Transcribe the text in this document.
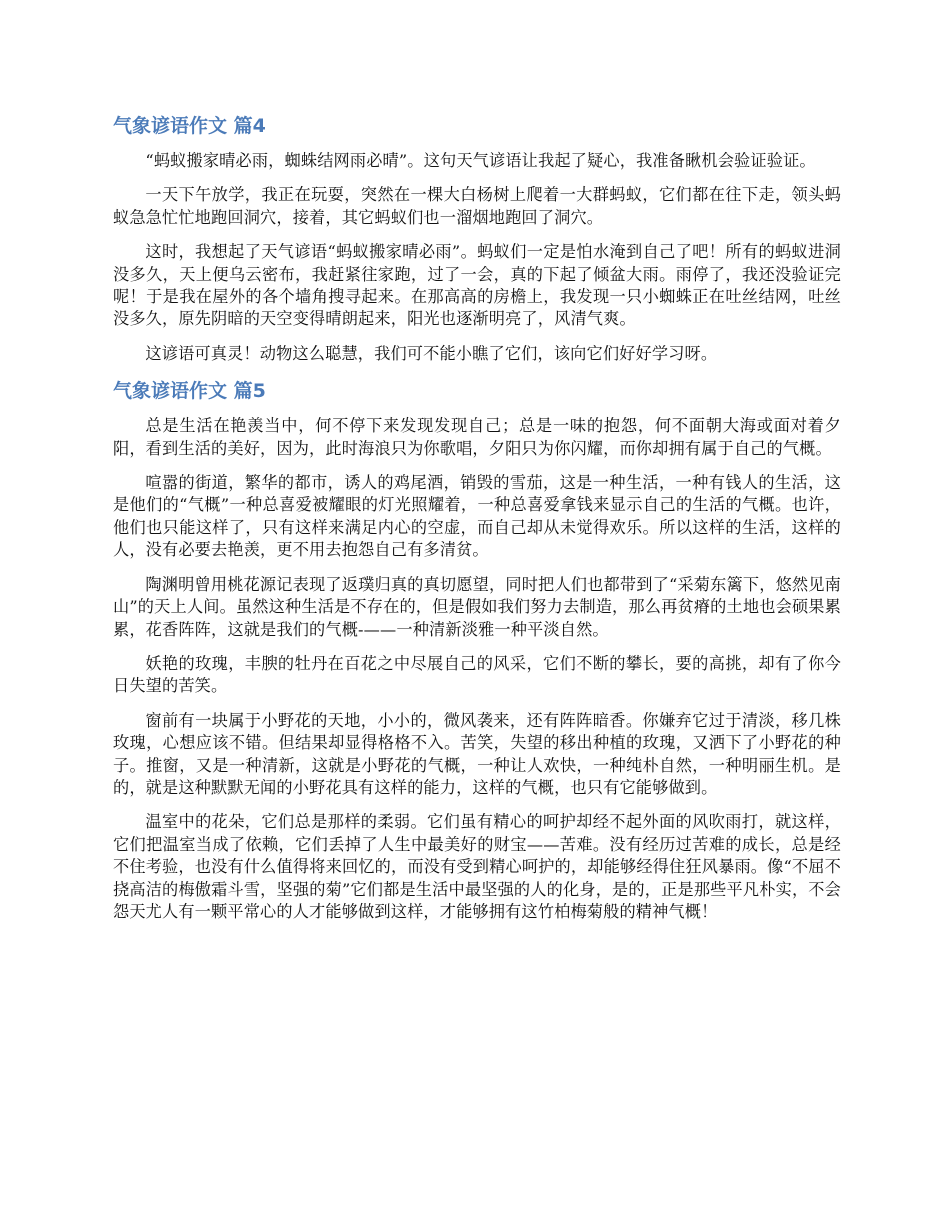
气象谚语作文 篇4

“蚂蚁搬家晴必雨，蜘蛛结网雨必晴”。这句天气谚语让我起了疑心，我准备瞅机会验证验证。

一天下午放学，我正在玩耍，突然在一棵大白杨树上爬着一大群蚂蚁，它们都在往下走，领头蚂蚁急急忙忙地跑回洞穴，接着，其它蚂蚁们也一溜烟地跑回了洞穴。

这时，我想起了天气谚语“蚂蚁搬家晴必雨”。蚂蚁们一定是怕水淹到自己了吧！所有的蚂蚁进洞没多久，天上便乌云密布，我赶紧往家跑，过了一会，真的下起了倾盆大雨。雨停了，我还没验证完呢！于是我在屋外的各个墙角搜寻起来。在那高高的房檐上，我发现一只小蜘蛛正在吐丝结网，吐丝没多久，原先阴暗的天空变得晴朗起来，阳光也逐渐明亮了，风清气爽。

这谚语可真灵！动物这么聪慧，我们可不能小瞧了它们，该向它们好好学习呀。

气象谚语作文 篇5

总是生活在艳羡当中，何不停下来发现发现自己；总是一味的抱怨，何不面朝大海或面对着夕阳，看到生活的美好，因为，此时海浪只为你歌唱，夕阳只为你闪耀，而你却拥有属于自己的气概。

喧嚣的街道，繁华的都市，诱人的鸡尾酒，销毁的雪茄，这是一种生活，一种有钱人的生活，这是他们的“气概”一种总喜爱被耀眼的灯光照耀着，一种总喜爱拿钱来显示自己的生活的气概。也许，他们也只能这样了，只有这样来满足内心的空虚，而自己却从未觉得欢乐。所以这样的生活，这样的人，没有必要去艳羡，更不用去抱怨自己有多清贫。

陶渊明曾用桃花源记表现了返璞归真的真切愿望，同时把人们也都带到了“采菊东篱下，悠然见南山”的天上人间。虽然这种生活是不存在的，但是假如我们努力去制造，那么再贫瘠的土地也会硕果累累，花香阵阵，这就是我们的气概-——一种清新淡雅一种平淡自然。

妖艳的玫瑰，丰腴的牡丹在百花之中尽展自己的风采，它们不断的攀长，要的高挑，却有了你今日失望的苦笑。

窗前有一块属于小野花的天地，小小的，微风袭来，还有阵阵暗香。你嫌弃它过于清淡，移几株玫瑰，心想应该不错。但结果却显得格格不入。苦笑，失望的移出种植的玫瑰，又洒下了小野花的种子。推窗，又是一种清新，这就是小野花的气概，一种让人欢快，一种纯朴自然，一种明丽生机。是的，就是这种默默无闻的小野花具有这样的能力，这样的气概，也只有它能够做到。

温室中的花朵，它们总是那样的柔弱。它们虽有精心的呵护却经不起外面的风吹雨打，就这样，它们把温室当成了依赖，它们丢掉了人生中最美好的财宝——苦难。没有经历过苦难的成长，总是经不住考验，也没有什么值得将来回忆的，而没有受到精心呵护的，却能够经得住狂风暴雨。像“不屈不挠高洁的梅傲霜斗雪，坚强的菊”它们都是生活中最坚强的人的化身，是的，正是那些平凡朴实，不会怨天尤人有一颗平常心的人才能够做到这样，才能够拥有这竹柏梅菊般的精神气概！
